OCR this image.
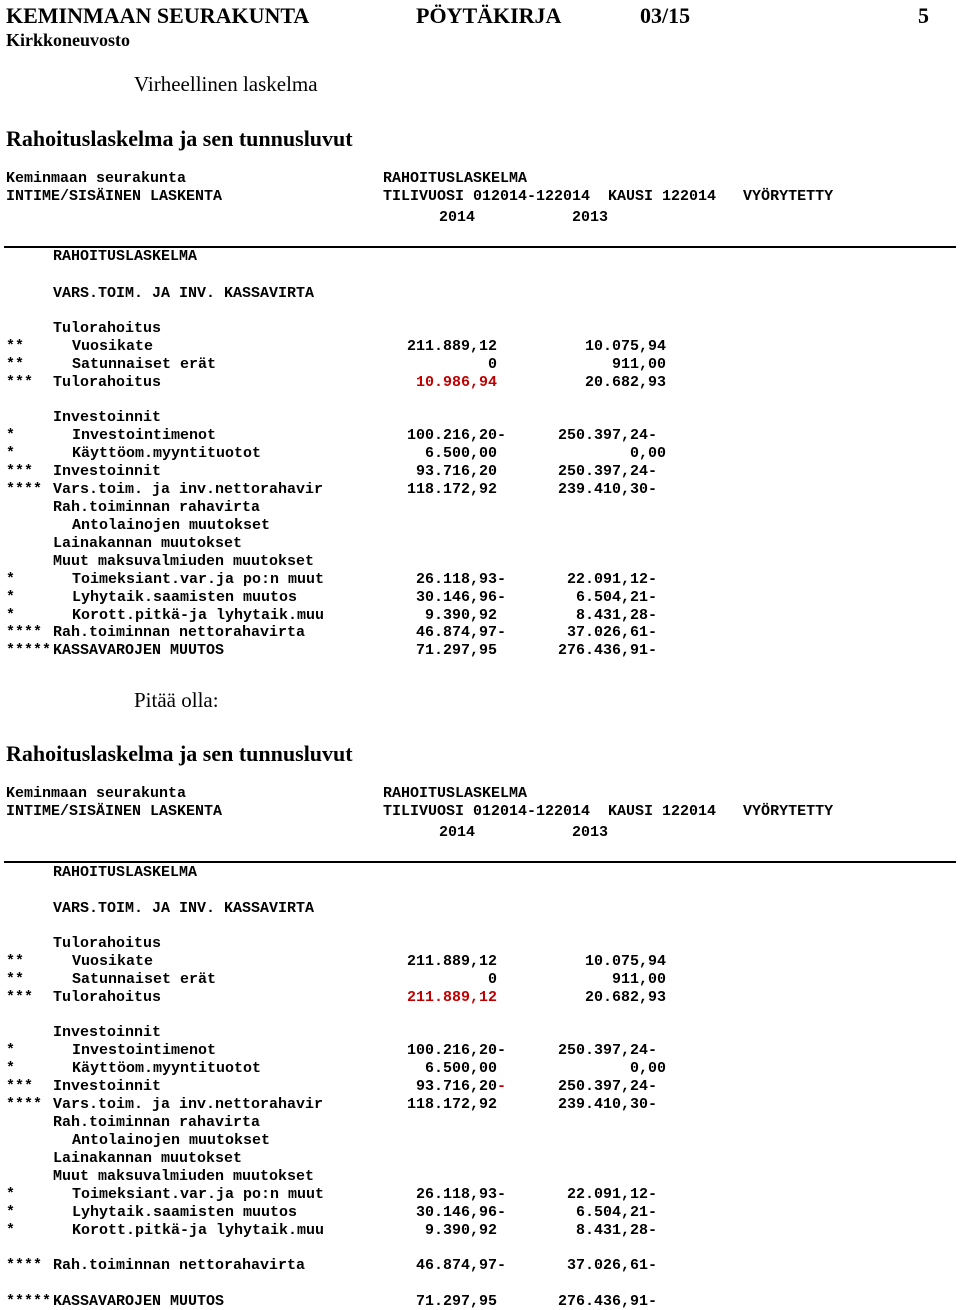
KEMINMAAN SEURAKUNTA	PÖYTÄKIRJA	03/15	5
Kirkkoneuvosto
Virheellinen laskelma
Rahoituslaskelma ja sen tunnusluvut
Keminmaan seurakunta
INTIME/SISÄINEN LASKENTA
RAHOITUSLASKELMA
TILIVUOSI 012014-122014  KAUSI 122014   VYÖRYTETTY
2014	2013
RAHOITUSLASKELMA
VARS.TOIM. JA INV. KASSAVIRTA
Tulorahoitus
**	Vuosikate	211.889,12	10.075,94
**	Satunnaiset erät	0	911,00
*** Tulorahoitus	10.986,94	20.682,93
Investoinnit
*	Investointimenot	100.216,20-	250.397,24-
*	Käyttöom.myyntituotot	6.500,00	0,00
*** Investoinnit	93.716,20	250.397,24-
**** Vars.toim. ja inv.nettorahavir	118.172,92	239.410,30-
Rah.toiminnan rahavirta
Antolainojen muutokset
Lainakannan muutokset
Muut maksuvalmiuden muutokset
*	Toimeksiant.var.ja po:n muut	26.118,93-	22.091,12-
*	Lyhytaik.saamisten muutos	30.146,96-	6.504,21-
*	Korott.pitkä-ja lyhytaik.muu	9.390,92	8.431,28-
**** Rah.toiminnan nettorahavirta	46.874,97-	37.026,61-
***** KASSAVAROJEN MUUTOS	71.297,95	276.436,91-
Pitää olla:
Rahoituslaskelma ja sen tunnusluvut
Keminmaan seurakunta
INTIME/SISÄINEN LASKENTA
RAHOITUSLASKELMA
TILIVUOSI 012014-122014  KAUSI 122014   VYÖRYTETTY
2014	2013
RAHOITUSLASKELMA
VARS.TOIM. JA INV. KASSAVIRTA
Tulorahoitus
**	Vuosikate	211.889,12	10.075,94
**	Satunnaiset erät	0	911,00
*** Tulorahoitus	211.889,12	20.682,93
Investoinnit
*	Investointimenot	100.216,20-	250.397,24-
*	Käyttöom.myyntituotot	6.500,00	0,00
*** Investoinnit	93.716,20-	250.397,24-
**** Vars.toim. ja inv.nettorahavir	118.172,92	239.410,30-
Rah.toiminnan rahavirta
Antolainojen muutokset
Lainakannan muutokset
Muut maksuvalmiuden muutokset
*	Toimeksiant.var.ja po:n muut	26.118,93-	22.091,12-
*	Lyhytaik.saamisten muutos	30.146,96-	6.504,21-
*	Korott.pitkä-ja lyhytaik.muu	9.390,92	8.431,28-
**** Rah.toiminnan nettorahavirta	46.874,97-	37.026,61-
***** KASSAVAROJEN MUUTOS	71.297,95	276.436,91-
